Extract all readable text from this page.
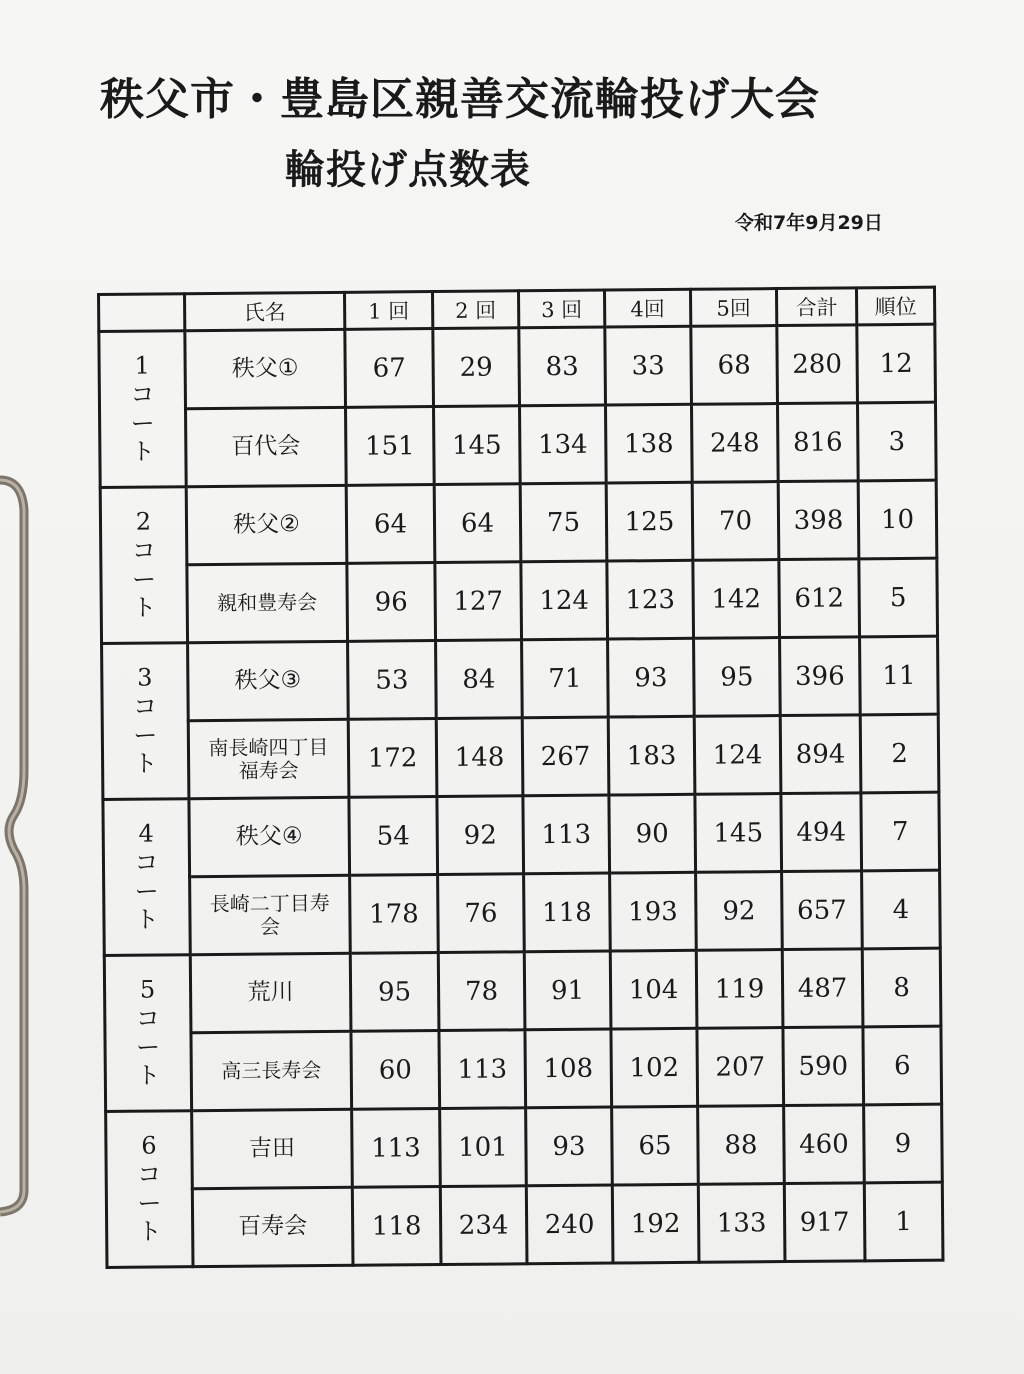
秩父市・豊島区親善交流輪投げ大会
輪投げ点数表
令和7年9月29日
	氏名	1 回	2 回	3 回	4回	5回	合計	順位

1
コ
ー
ト	秩父①	67	29	83	33	68	280	12
	百代会	151	145	134	138	248	816	3

2
コ
ー
ト	秩父②	64	64	75	125	70	398	10
	親和豊寿会	96	127	124	123	142	612	5

3
コ
ー
ト	秩父③	53	84	71	93	95	396	11

	南長崎四丁目
福寿会	172	148	267	183	124	894	2

4
コ
ー
ト	秩父④	54	92	113	90	145	494	7

	長崎二丁目寿
会	178	76	118	193	92	657	4

5
コ
ー
ト	荒川	95	78	91	104	119	487	8
	高三長寿会	60	113	108	102	207	590	6

6
コ
ー
ト	吉田	113	101	93	65	88	460	9
	百寿会	118	234	240	192	133	917	1
